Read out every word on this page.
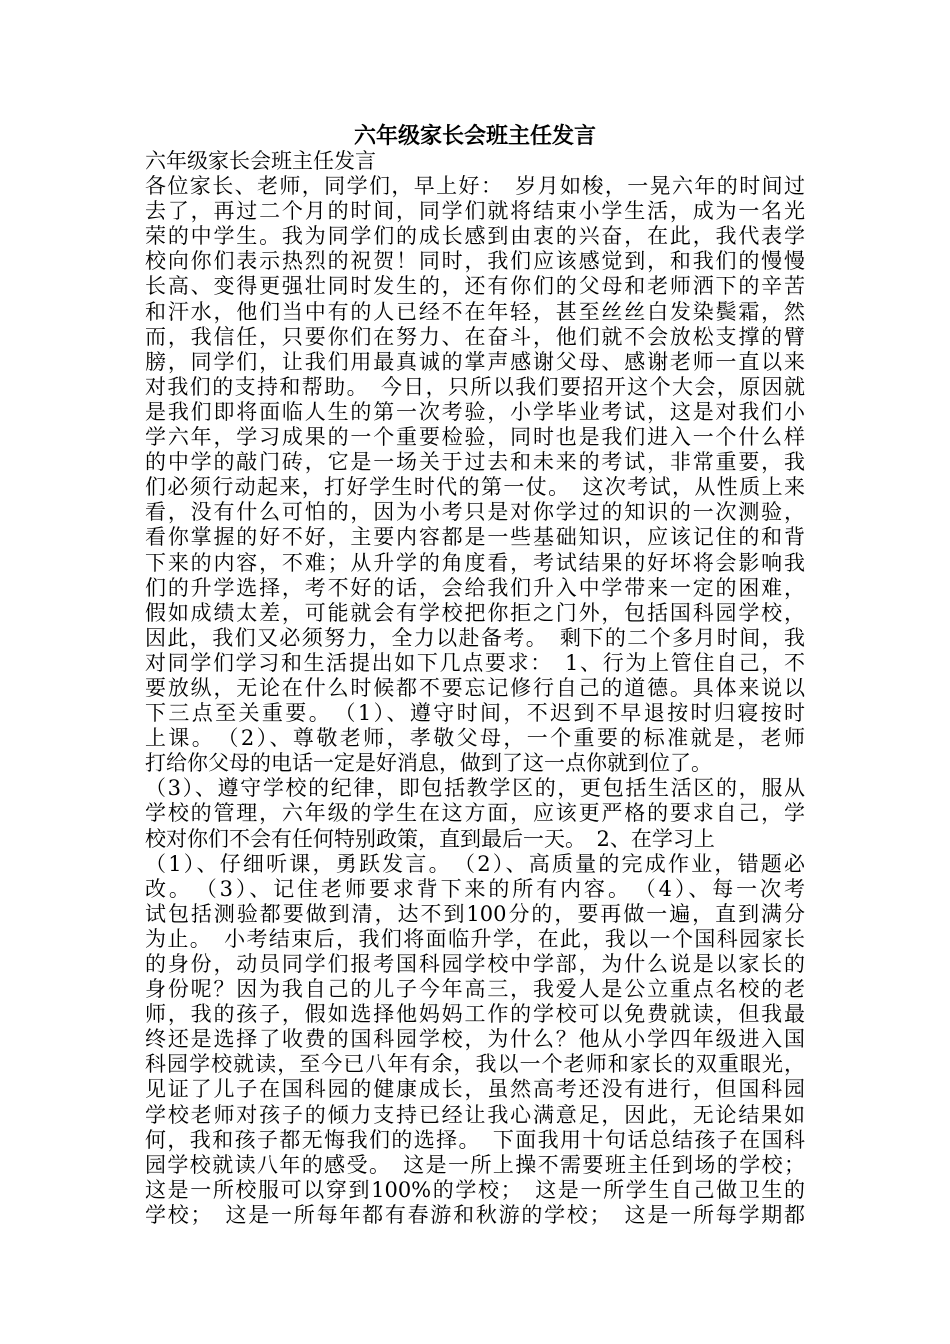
六年级家长会班主任发言
六年级家长会班主任发言
各位家长、老师，同学们，早上好：　岁月如梭，一晃六年的时间过
去了，再过二个月的时间，同学们就将结束小学生活，成为一名光
荣的中学生。我为同学们的成长感到由衷的兴奋，在此，我代表学
校向你们表示热烈的祝贺！同时，我们应该感觉到，和我们的慢慢
长高、变得更强壮同时发生的，还有你们的父母和老师洒下的辛苦
和汗水，他们当中有的人已经不在年轻，甚至丝丝白发染鬓霜，然
而，我信任，只要你们在努力、在奋斗，他们就不会放松支撑的臂
膀，同学们，让我们用最真诚的掌声感谢父母、感谢老师一直以来
对我们的支持和帮助。　今日，只所以我们要招开这个大会，原因就
是我们即将面临人生的第一次考验，小学毕业考试，这是对我们小
学六年，学习成果的一个重要检验，同时也是我们进入一个什么样
的中学的敲门砖，它是一场关于过去和未来的考试，非常重要，我
们必须行动起来，打好学生时代的第一仗。　这次考试，从性质上来
看，没有什么可怕的，因为小考只是对你学过的知识的一次测验，
看你掌握的好不好，主要内容都是一些基础知识，应该记住的和背
下来的内容，不难；从升学的角度看，考试结果的好坏将会影响我
们的升学选择，考不好的话，会给我们升入中学带来一定的困难，
假如成绩太差，可能就会有学校把你拒之门外，包括国科园学校，
因此，我们又必须努力，全力以赴备考。　剩下的二个多月时间，我
对同学们学习和生活提出如下几点要求：　1、行为上管住自己，不
要放纵，无论在什么时候都不要忘记修行自己的道德。具体来说以
下三点至关重要。　（1）、遵守时间，不迟到不早退按时归寝按时
上课。　（2）、尊敬老师，孝敬父母，一个重要的标准就是，老师
打给你父母的电话一定是好消息，做到了这一点你就到位了。
（3）、遵守学校的纪律，即包括教学区的，更包括生活区的，服从
学校的管理，六年级的学生在这方面，应该更严格的要求自己，学
校对你们不会有任何特别政策，直到最后一天。　2、在学习上
（1）、仔细听课，勇跃发言。　（2）、高质量的完成作业，错题必
改。　（3）、记住老师要求背下来的所有内容。　（4）、每一次考
试包括测验都要做到清，达不到100分的，要再做一遍，直到满分
为止。　小考结束后，我们将面临升学，在此，我以一个国科园家长
的身份，动员同学们报考国科园学校中学部，为什么说是以家长的
身份呢？因为我自己的儿子今年高三，我爱人是公立重点名校的老
师，我的孩子，假如选择他妈妈工作的学校可以免费就读，但我最
终还是选择了收费的国科园学校，为什么？他从小学四年级进入国
科园学校就读，至今已八年有余，我以一个老师和家长的双重眼光，
见证了儿子在国科园的健康成长，虽然高考还没有进行，但国科园
学校老师对孩子的倾力支持已经让我心满意足，因此，无论结果如
何，我和孩子都无悔我们的选择。　下面我用十句话总结孩子在国科
园学校就读八年的感受。　这是一所上操不需要班主任到场的学校；
这是一所校服可以穿到100%的学校；　这是一所学生自己做卫生的
学校；　这是一所每年都有春游和秋游的学校；　这是一所每学期都
